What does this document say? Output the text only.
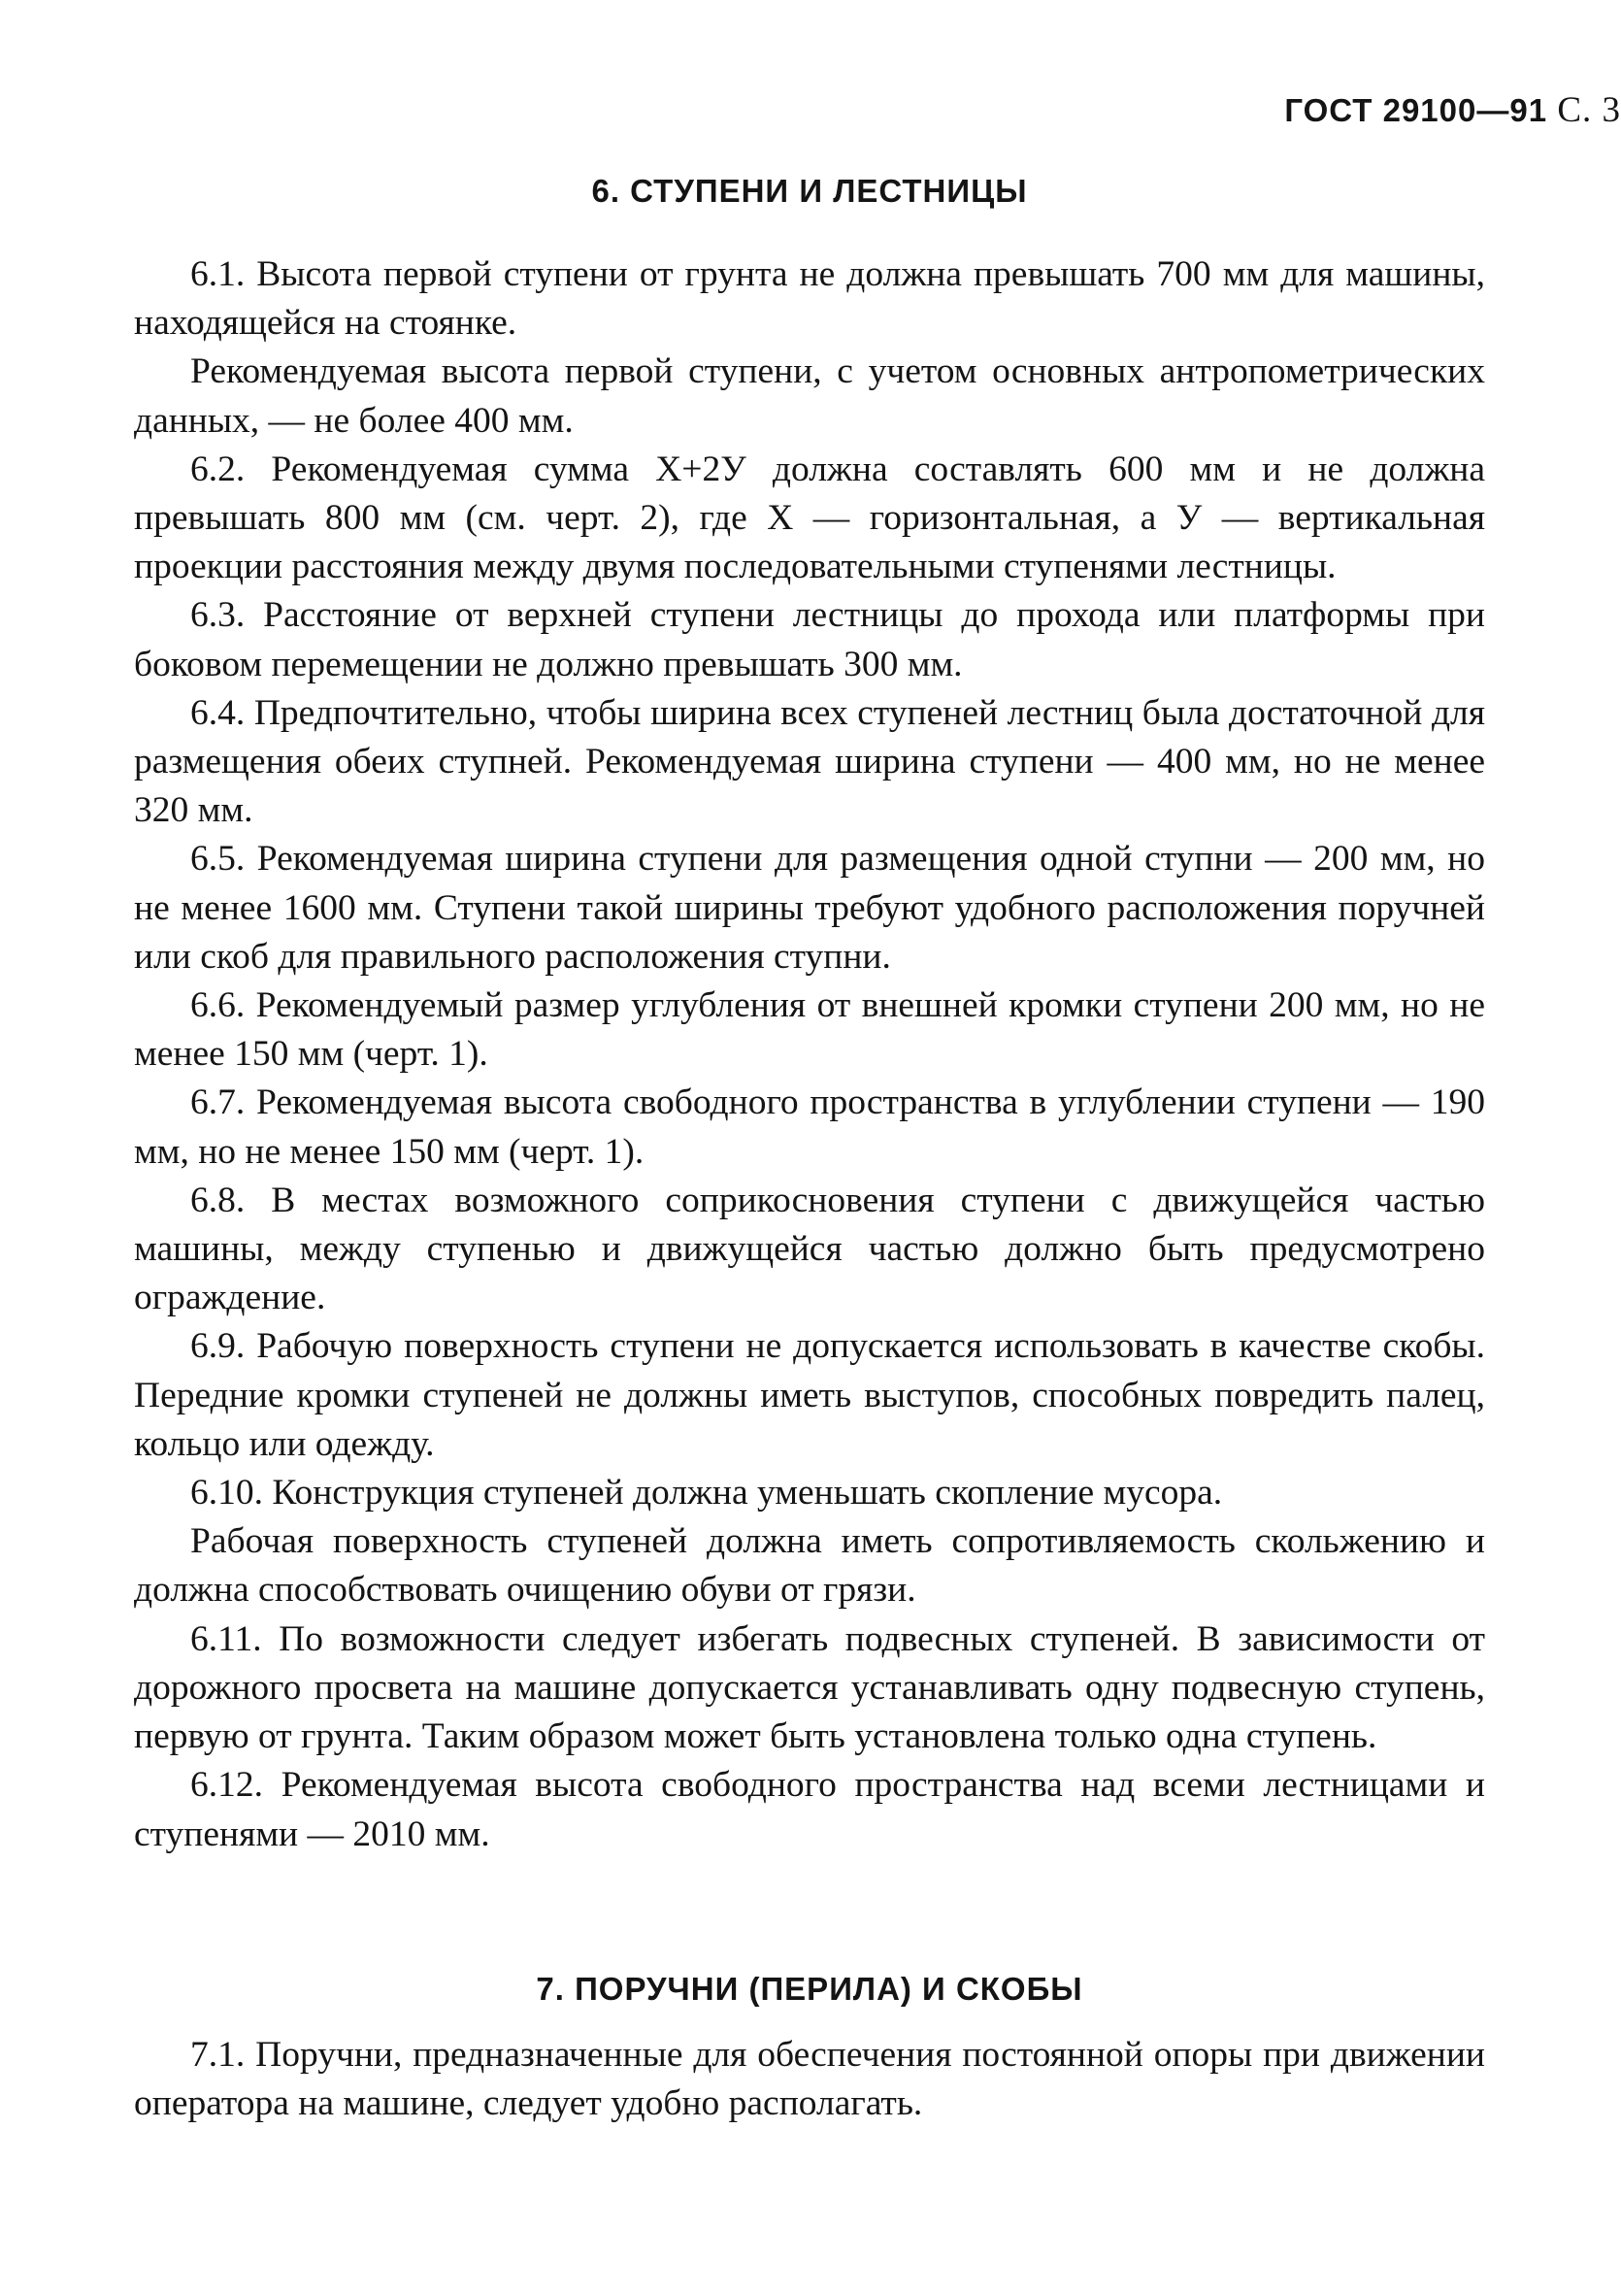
ГОСТ 29100—91 С. 3
6. СТУПЕНИ И ЛЕСТНИЦЫ

6.1. Высота первой ступени от грунта не должна превышать 700 мм для машины, находящейся на стоянке.

Рекомендуемая высота первой ступени, с учетом основных антропометрических данных, — не более 400 мм.

6.2. Рекомендуемая сумма X+2У должна составлять 600 мм и не должна превышать 800 мм (см. черт. 2), где X — горизонтальная, а У — вертикальная проекции расстояния между двумя последовательными ступенями лестницы.

6.3. Расстояние от верхней ступени лестницы до прохода или платформы при боковом перемещении не должно превышать 300 мм.

6.4. Предпочтительно, чтобы ширина всех ступеней лестниц была достаточной для размещения обеих ступней. Рекомендуемая ширина ступени — 400 мм, но не менее 320 мм.

6.5. Рекомендуемая ширина ступени для размещения одной ступни — 200 мм, но не менее 1600 мм. Ступени такой ширины требуют удобного расположения поручней или скоб для правильного расположения ступни.

6.6. Рекомендуемый размер углубления от внешней кромки ступени 200 мм, но не менее 150 мм (черт. 1).

6.7. Рекомендуемая высота свободного пространства в углублении ступени — 190 мм, но не менее 150 мм (черт. 1).

6.8. В местах возможного соприкосновения ступени с движущейся частью машины, между ступенью и движущейся частью должно быть предусмотрено ограждение.

6.9. Рабочую поверхность ступени не допускается использовать в качестве скобы. Передние кромки ступеней не должны иметь выступов, способных повредить палец, кольцо или одежду.

6.10. Конструкция ступеней должна уменьшать скопление мусора.

Рабочая поверхность ступеней должна иметь сопротивляемость скольжению и должна способствовать очищению обуви от грязи.

6.11. По возможности следует избегать подвесных ступеней. В зависимости от дорожного просвета на машине допускается устанавливать одну подвесную ступень, первую от грунта. Таким образом может быть установлена только одна ступень.

6.12. Рекомендуемая высота свободного пространства над всеми лестницами и ступенями — 2010 мм.

7. ПОРУЧНИ (ПЕРИЛА) И СКОБЫ

7.1. Поручни, предназначенные для обеспечения постоянной опоры при движении оператора на машине, следует удобно располагать.
